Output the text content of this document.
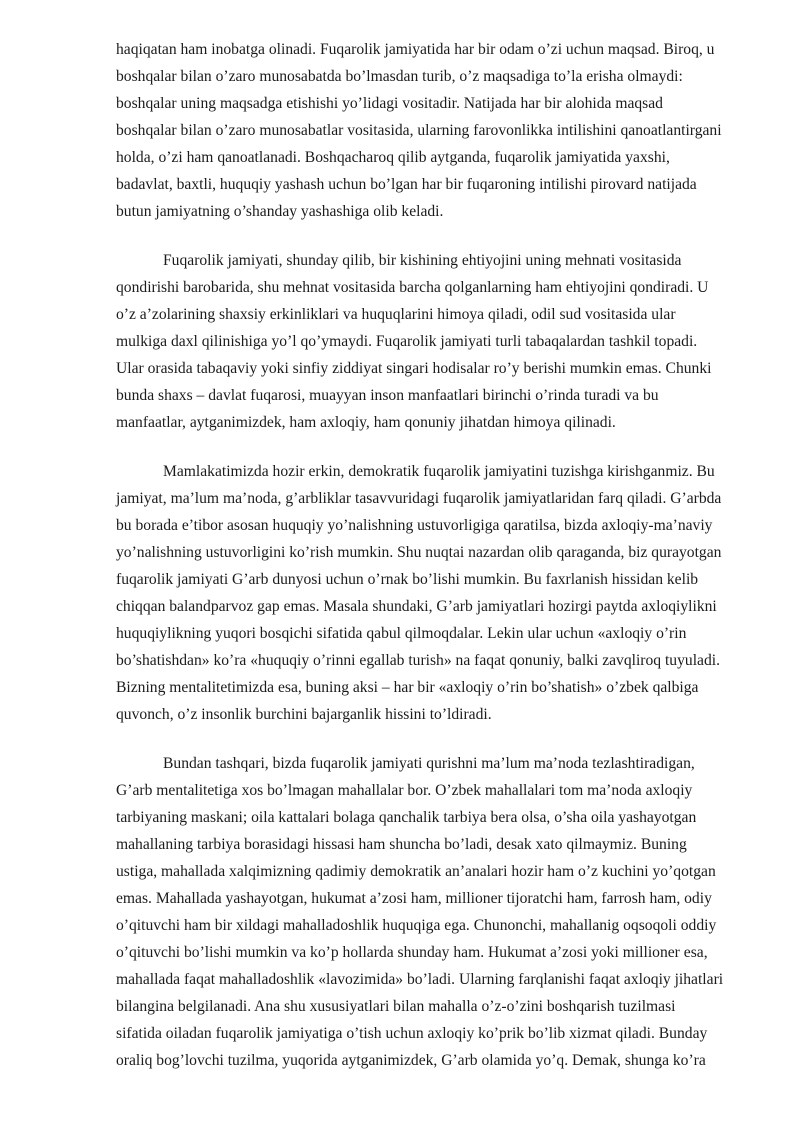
haqiqatan ham inobatga olinadi. Fuqarolik jamiyatida har bir odam o’zi uchun maqsad. Biroq, u
boshqalar bilan o’zaro munosabatda bo’lmasdan turib, o’z maqsadiga to’la erisha olmaydi:
boshqalar uning maqsadga etishishi yo’lidagi vositadir. Natijada har bir alohida maqsad
boshqalar bilan o’zaro munosabatlar vositasida, ularning farovonlikka intilishini qanoatlantirgani
holda, o’zi ham qanoatlanadi. Boshqacharoq qilib aytganda, fuqarolik jamiyatida yaxshi,
badavlat, baxtli, huquqiy yashash uchun bo’lgan har bir fuqaroning intilishi pirovard natijada
butun jamiyatning o’shanday yashashiga olib keladi.
Fuqarolik jamiyati, shunday qilib, bir kishining ehtiyojini uning mehnati vositasida
qondirishi barobarida, shu mehnat vositasida barcha qolganlarning ham ehtiyojini qondiradi. U
o’z a’zolarining shaxsiy erkinliklari va huquqlarini himoya qiladi, odil sud vositasida ular
mulkiga daxl qilinishiga yo’l qo’ymaydi. Fuqarolik jamiyati turli tabaqalardan tashkil topadi.
Ular orasida tabaqaviy yoki sinfiy ziddiyat singari hodisalar ro’y berishi mumkin emas. Chunki
bunda shaxs – davlat fuqarosi, muayyan inson manfaatlari birinchi o’rinda turadi va bu
manfaatlar, aytganimizdek, ham axloqiy, ham qonuniy jihatdan himoya qilinadi.
Mamlakatimizda hozir erkin, demokratik fuqarolik jamiyatini tuzishga kirishganmiz. Bu
jamiyat, ma’lum ma’noda, g’arbliklar tasavvuridagi fuqarolik jamiyatlaridan farq qiladi. G’arbda
bu borada e’tibor asosan huquqiy yo’nalishning ustuvorligiga qaratilsa, bizda axloqiy-ma’naviy
yo’nalishning ustuvorligini ko’rish mumkin. Shu nuqtai nazardan olib qaraganda, biz qurayotgan
fuqarolik jamiyati G’arb dunyosi uchun o’rnak bo’lishi mumkin. Bu faxrlanish hissidan kelib
chiqqan balandparvoz gap emas. Masala shundaki, G’arb jamiyatlari hozirgi paytda axloqiylikni
huquqiylikning yuqori bosqichi sifatida qabul qilmoqdalar. Lekin ular uchun «axloqiy o’rin
bo’shatishdan» ko’ra «huquqiy o’rinni egallab turish» na faqat qonuniy, balki zavqliroq tuyuladi.
Bizning mentalitetimizda esa, buning aksi – har bir «axloqiy o’rin bo’shatish» o’zbek qalbiga
quvonch, o’z insonlik burchini bajarganlik hissini to’ldiradi.
Bundan tashqari, bizda fuqarolik jamiyati qurishni ma’lum ma’noda tezlashtiradigan,
G’arb mentalitetiga xos bo’lmagan mahallalar bor. O’zbek mahallalari tom ma’noda axloqiy
tarbiyaning maskani; oila kattalari bolaga qanchalik tarbiya bera olsa, o’sha oila yashayotgan
mahallaning tarbiya borasidagi hissasi ham shuncha bo’ladi, desak xato qilmaymiz. Buning
ustiga, mahallada xalqimizning qadimiy demokratik an’analari hozir ham o’z kuchini yo’qotgan
emas. Mahallada yashayotgan, hukumat a’zosi ham, millioner tijoratchi ham, farrosh ham, odiy
o’qituvchi ham bir xildagi mahalladoshlik huquqiga ega. Chunonchi, mahallanig oqsoqoli oddiy
o’qituvchi bo’lishi mumkin va ko’p hollarda shunday ham. Hukumat a’zosi yoki millioner esa,
mahallada faqat mahalladoshlik «lavozimida» bo’ladi. Ularning farqlanishi faqat axloqiy jihatlari
bilangina belgilanadi. Ana shu xususiyatlari bilan mahalla o’z-o’zini boshqarish tuzilmasi
sifatida oiladan fuqarolik jamiyatiga o’tish uchun axloqiy ko’prik bo’lib xizmat qiladi. Bunday
oraliq bog’lovchi tuzilma, yuqorida aytganimizdek, G’arb olamida yo’q. Demak, shunga ko’ra
